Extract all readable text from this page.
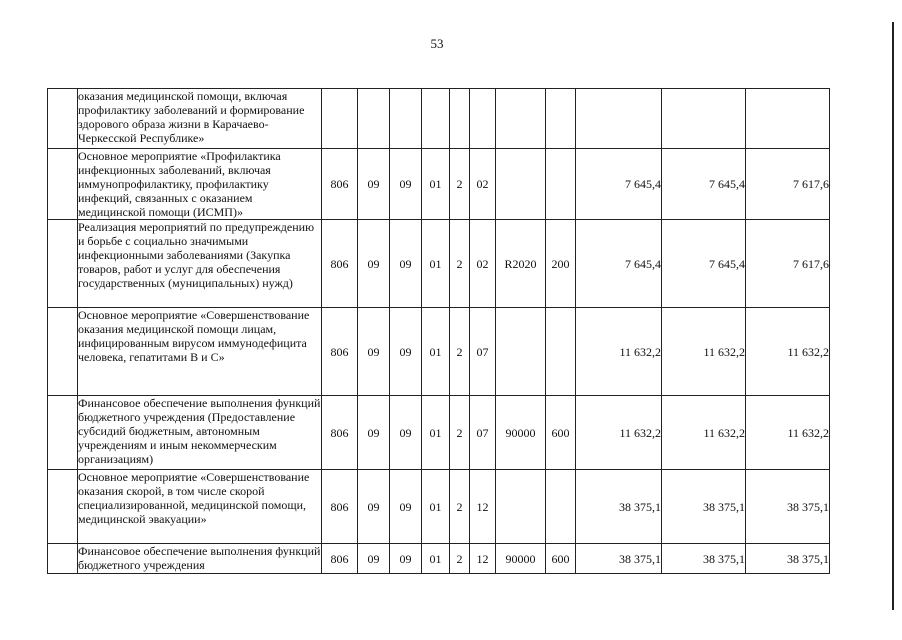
53
	оказания медицинской помощи, включая профилактику заболеваний и формирование здорового образа жизни в Карачаево-Черкесской Республике»											
	Основное мероприятие «Профилактика инфекционных заболеваний, включая иммунопрофилактику, профилактику инфекций, связанных с оказанием медицинской помощи (ИСМП)»	806	09	09	01	2	02			7 645,4	7 645,4	7 617,6
	Реализация мероприятий по предупреждению и борьбе с социально значимыми инфекционными заболеваниями (Закупка товаров, работ и услуг для обеспечения государственных (муниципальных) нужд)	806	09	09	01	2	02	R2020	200	7 645,4	7 645,4	7 617,6
	Основное мероприятие «Совершенствование оказания медицинской помощи лицам, инфицированным вирусом иммунодефицита человека, гепатитами В и С»	806	09	09	01	2	07			11 632,2	11 632,2	11 632,2
	Финансовое обеспечение выполнения функций бюджетного учреждения (Предоставление субсидий бюджетным, автономным учреждениям и иным некоммерческим организациям)	806	09	09	01	2	07	90000	600	11 632,2	11 632,2	11 632,2
	Основное мероприятие «Совершенствование оказания скорой, в том числе скорой специализированной, медицинской помощи, медицинской эвакуации»	806	09	09	01	2	12			38 375,1	38 375,1	38 375,1
	Финансовое обеспечение выполнения функций бюджетного учреждения	806	09	09	01	2	12	90000	600	38 375,1	38 375,1	38 375,1
